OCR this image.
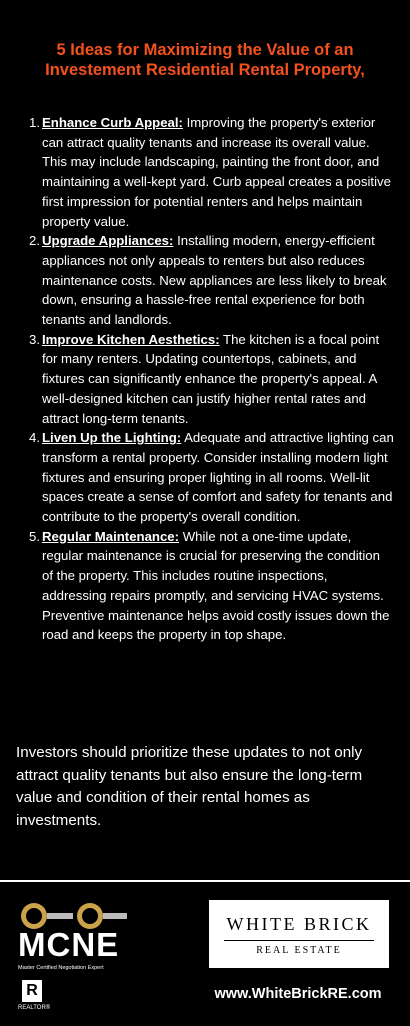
5 Ideas for Maximizing the Value of an
Investement Residential Rental Property,
1. Enhance Curb Appeal: Improving the property's exterior can attract quality tenants and increase its overall value. This may include landscaping, painting the front door, and maintaining a well-kept yard. Curb appeal creates a positive first impression for potential renters and helps maintain property value.
2. Upgrade Appliances: Installing modern, energy-efficient appliances not only appeals to renters but also reduces maintenance costs. New appliances are less likely to break down, ensuring a hassle-free rental experience for both tenants and landlords.
3. Improve Kitchen Aesthetics: The kitchen is a focal point for many renters. Updating countertops, cabinets, and fixtures can significantly enhance the property's appeal. A well-designed kitchen can justify higher rental rates and attract long-term tenants.
4. Liven Up the Lighting: Adequate and attractive lighting can transform a rental property. Consider installing modern light fixtures and ensuring proper lighting in all rooms. Well-lit spaces create a sense of comfort and safety for tenants and contribute to the property's overall condition.
5. Regular Maintenance: While not a one-time update, regular maintenance is crucial for preserving the condition of the property. This includes routine inspections, addressing repairs promptly, and servicing HVAC systems. Preventive maintenance helps avoid costly issues down the road and keeps the property in top shape.
Investors should prioritize these updates to not only attract quality tenants but also ensure the long-term value and condition of their rental homes as investments.
MCNE
Master Certified Negotiation Expert
R
REALTOR®
WHITE BRICK
REAL ESTATE
www.WhiteBrickRE.com
